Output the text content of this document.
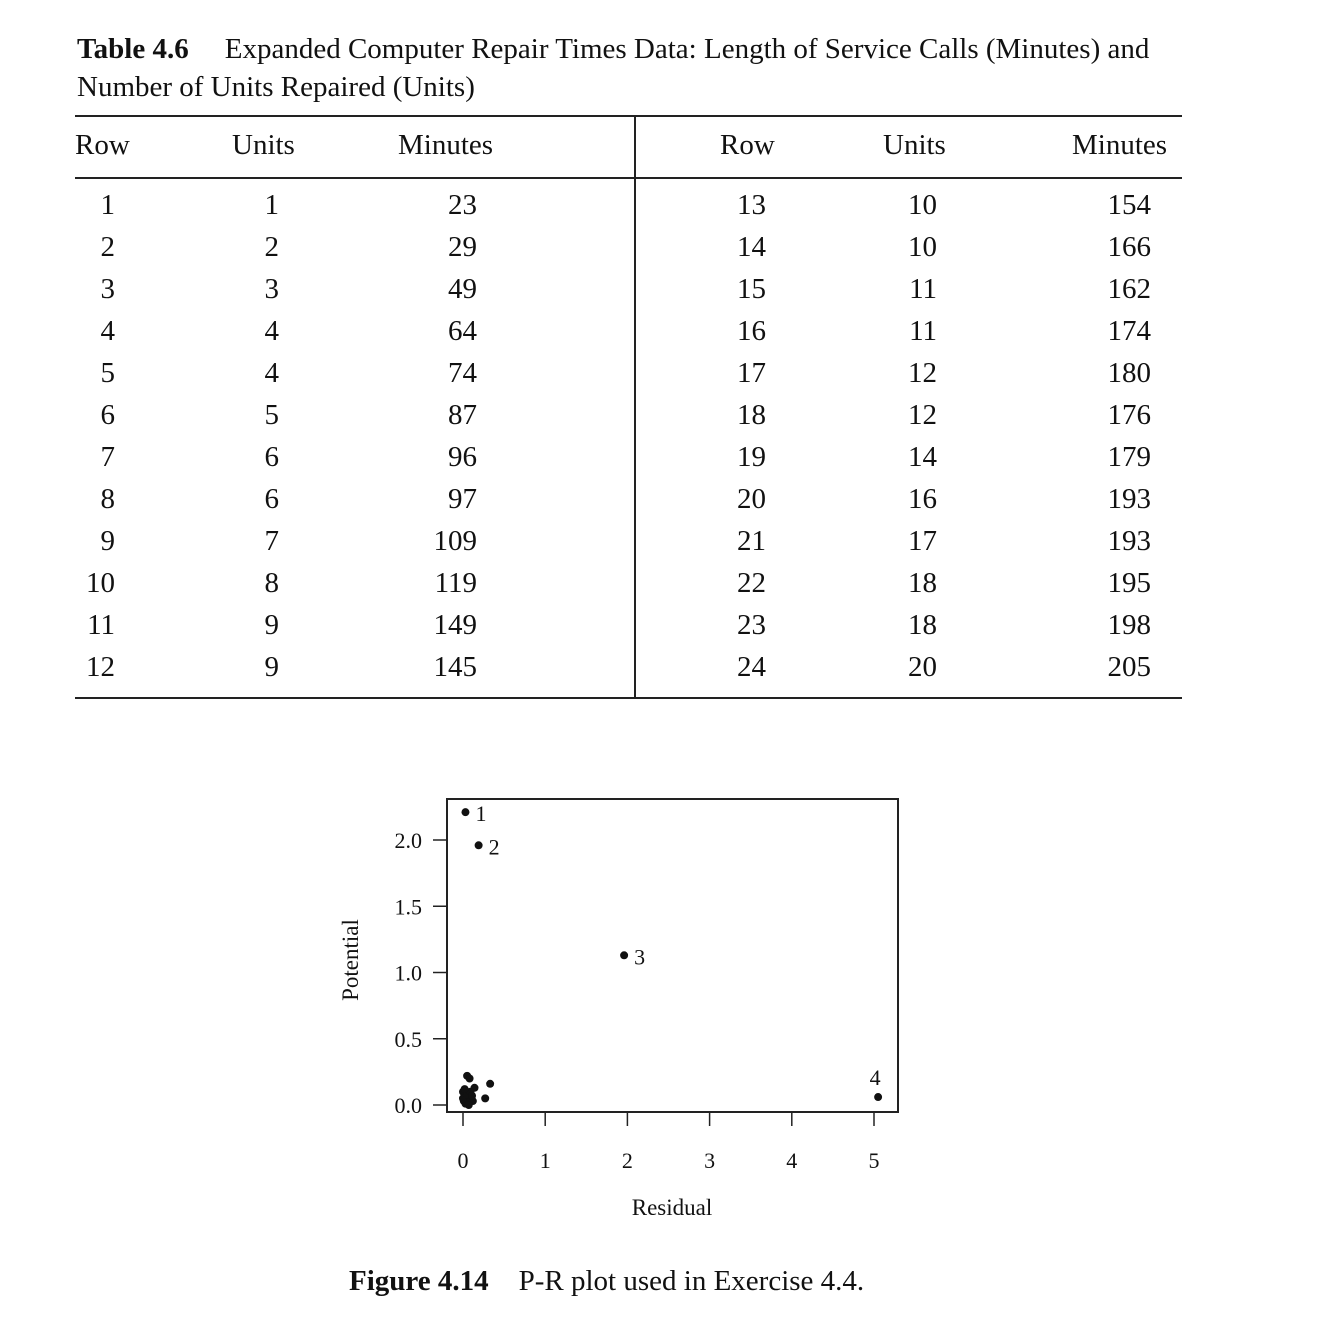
Table 4.6 Expanded Computer Repair Times Data: Length of Service Calls (Minutes) and Number of Units Repaired (Units)
Row	Units	Minutes	Row	Units	Minutes
1	1	23
2	2	29
3	3	49
4	4	64
5	4	74
6	5	87
7	6	96
8	6	97
9	7	109
10	8	119
11	9	149
12	9	145
13	10	154
14	10	166
15	11	162
16	11	174
17	12	180
18	12	176
19	14	179
20	16	193
21	17	193
22	18	195
23	18	198
24	20	205
0.0
0.5
1.0
1.5
2.0
0	1	2	3	4	5
Residual
Potential
1
2
3
4
Figure 4.14 P-R plot used in Exercise 4.4.
